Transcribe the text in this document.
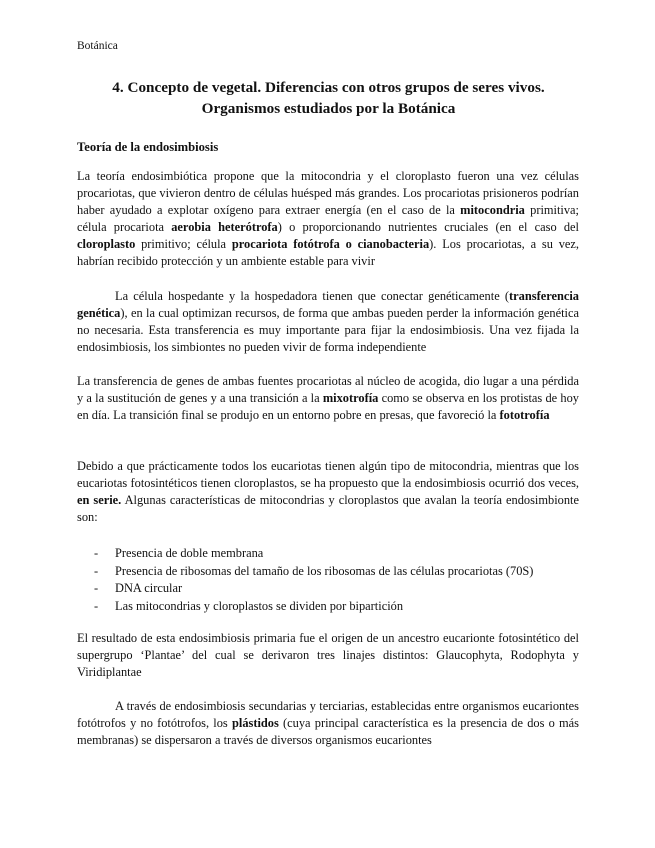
Botánica
4. Concepto de vegetal. Diferencias con otros grupos de seres vivos.
Organismos estudiados por la Botánica
Teoría de la endosimbiosis

La teoría endosimbiótica propone que la mitocondria y el cloroplasto fueron una vez células procariotas, que vivieron dentro de células huésped más grandes. Los procariotas prisioneros podrían haber ayudado a explotar oxígeno para extraer energía (en el caso de la mitocondria primitiva; célula procariota aerobia heterótrofa) o proporcionando nutrientes cruciales (en el caso del cloroplasto primitivo; célula procariota fotótrofa o cianobacteria). Los procariotas, a su vez, habrían recibido protección y un ambiente estable para vivir

La célula hospedante y la hospedadora tienen que conectar genéticamente (transferencia genética), en la cual optimizan recursos, de forma que ambas pueden perder la información genética no necesaria. Esta transferencia es muy importante para fijar la endosimbiosis. Una vez fijada la endosimbiosis, los simbiontes no pueden vivir de forma independiente

La transferencia de genes de ambas fuentes procariotas al núcleo de acogida, dio lugar a una pérdida y a la sustitución de genes y a una transición a la mixotrofía como se observa en los protistas de hoy en día. La transición final se produjo en un entorno pobre en presas, que favoreció la fototrofía

Debido a que prácticamente todos los eucariotas tienen algún tipo de mitocondria, mientras que los eucariotas fotosintéticos tienen cloroplastos, se ha propuesto que la endosimbiosis ocurrió dos veces, en serie. Algunas características de mitocondrias y cloroplastos que avalan la teoría endosimbionte son:

- Presencia de doble membrana
- Presencia de ribosomas del tamaño de los ribosomas de las células procariotas (70S)
- DNA circular
- Las mitocondrias y cloroplastos se dividen por bipartición

El resultado de esta endosimbiosis primaria fue el origen de un ancestro eucarionte fotosintético del supergrupo ‘Plantae’ del cual se derivaron tres linajes distintos: Glaucophyta, Rodophyta y Viridiplantae

A través de endosimbiosis secundarias y terciarias, establecidas entre organismos eucariontes fotótrofos y no fotótrofos, los plástidos (cuya principal característica es la presencia de dos o más membranas) se dispersaron a través de diversos organismos eucariontes
